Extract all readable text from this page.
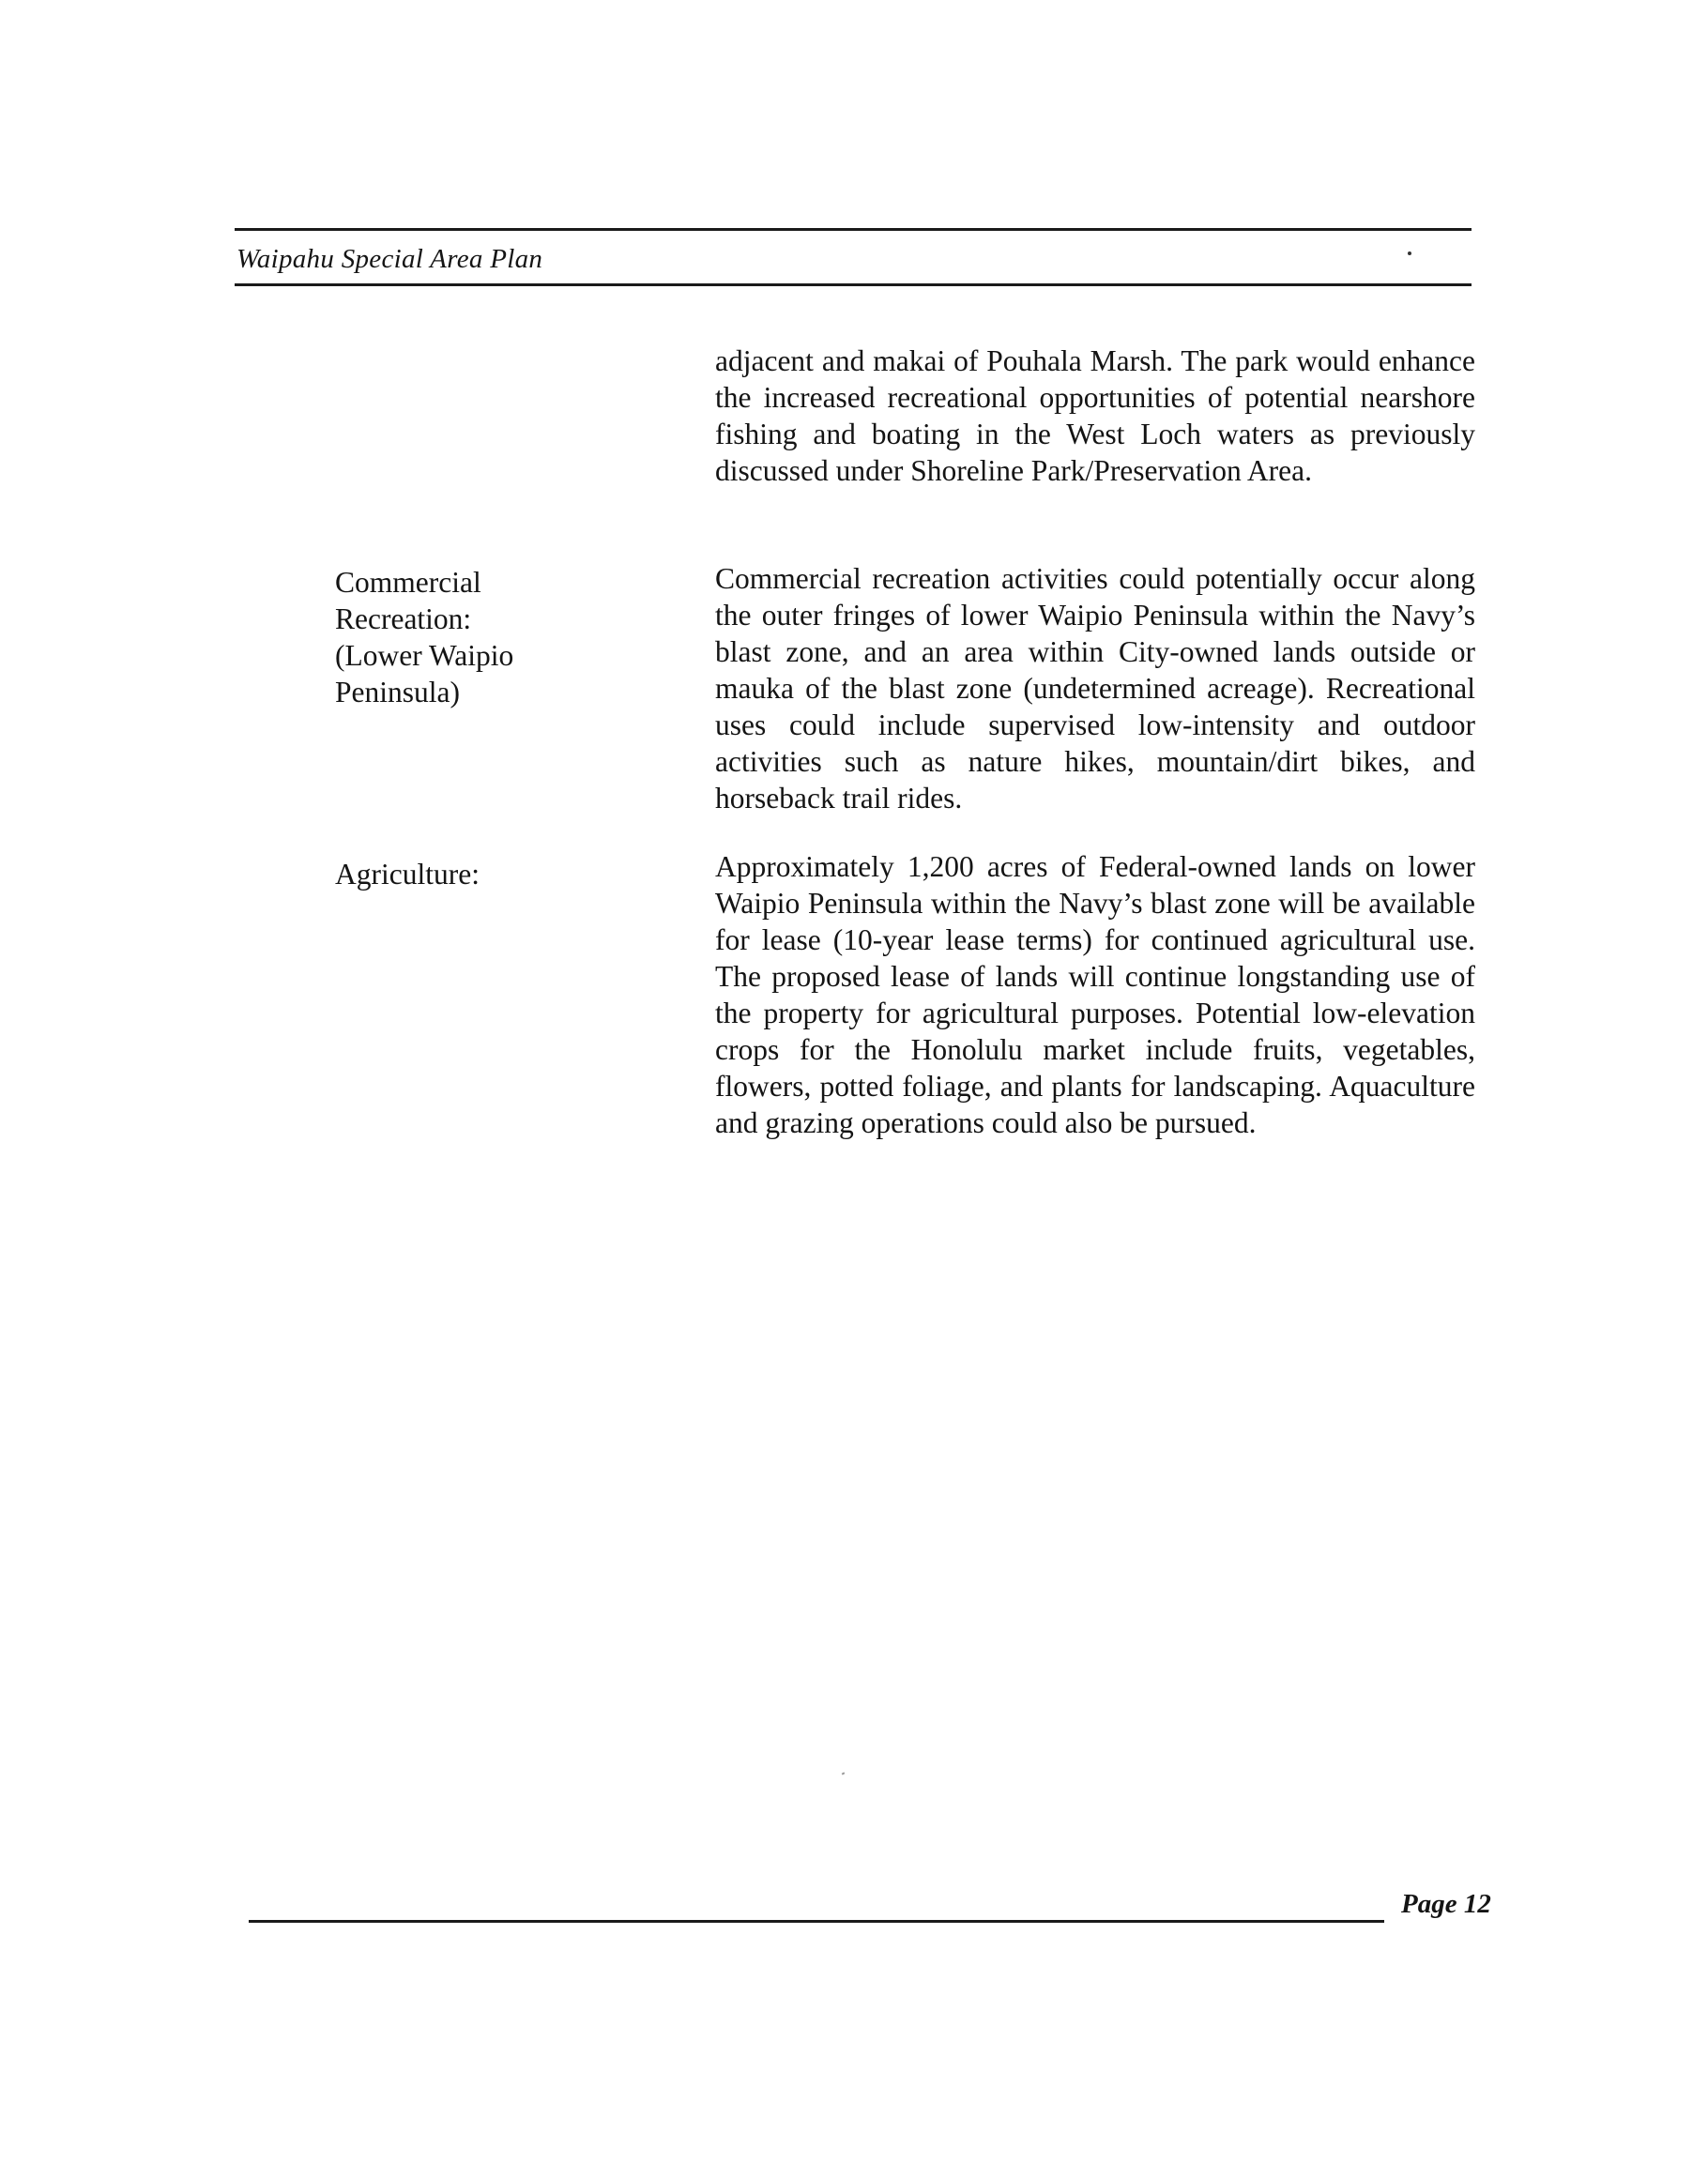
Waipahu Special Area Plan
adjacent and makai of Pouhala Marsh. The park would enhance the increased recreational opportunities of potential nearshore fishing and boating in the West Loch waters as previously discussed under Shoreline Park/Preservation Area.
Commercial
Recreation:
(Lower Waipio
Peninsula)
Commercial recreation activities could potentially occur along the outer fringes of lower Waipio Peninsula within the Navy’s blast zone, and an area within City-owned lands outside or mauka of the blast zone (undetermined acreage). Recreational uses could include supervised low-intensity and outdoor activities such as nature hikes, mountain/dirt bikes, and horseback trail rides.
Agriculture:	Approximately 1,200 acres of Federal-owned lands on lower Waipio Peninsula within the Navy’s blast zone will be available for lease (10-year lease terms) for continued agricultural use. The proposed lease of lands will continue longstanding use of the property for agricultural purposes. Potential low-elevation crops for the Honolulu market include fruits, vegetables, flowers, potted foliage, and plants for landscaping. Aquaculture and grazing operations could also be pursued.
Page 12
